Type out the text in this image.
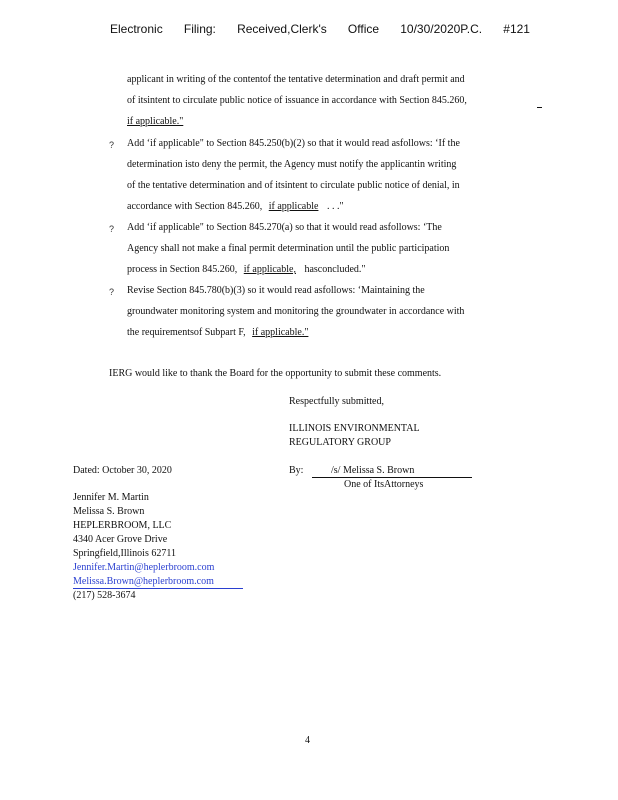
Electronic Filing: Received,Clerk's Office 10/30/2020P.C. #121
applicant in writing of the contentof the tentative determination and draft permit and
of itsintent to circulate public notice of issuance in accordance with Section 845.260,
if applicable."
? Add ‘if applicable" to Section 845.250(b)(2) so that it would read asfollows: ‘If the
determination isto deny the permit, the Agency must notify the applicantin writing
of the tentative determination and of itsintent to circulate public notice of denial, in
accordance with Section 845.260, if applicable . . ."
? Add ‘if applicable" to Section 845.270(a) so that it would read asfollows: ‘The
Agency shall not make a final permit determination until the public participation
process in Section 845.260, if applicable, hasconcluded."
? Revise Section 845.780(b)(3) so it would read asfollows: ‘Maintaining the
groundwater monitoring system and monitoring the groundwater in accordance with
the requirementsof Subpart F, if applicable."
IERG would like to thank the Board for the opportunity to submit these comments.
Respectfully submitted,
ILLINOIS ENVIRONMENTAL
REGULATORY GROUP
Dated: October 30, 2020	By:	/s/ Melissa S. Brown
One of ItsAttorneys
Jennifer M. Martin
Melissa S. Brown
HEPLERBROOM, LLC
4340 Acer Grove Drive
Springfield,Illinois 62711
Jennifer.Martin@heplerbroom.com
Melissa.Brown@heplerbroom.com
(217) 528-3674
4
